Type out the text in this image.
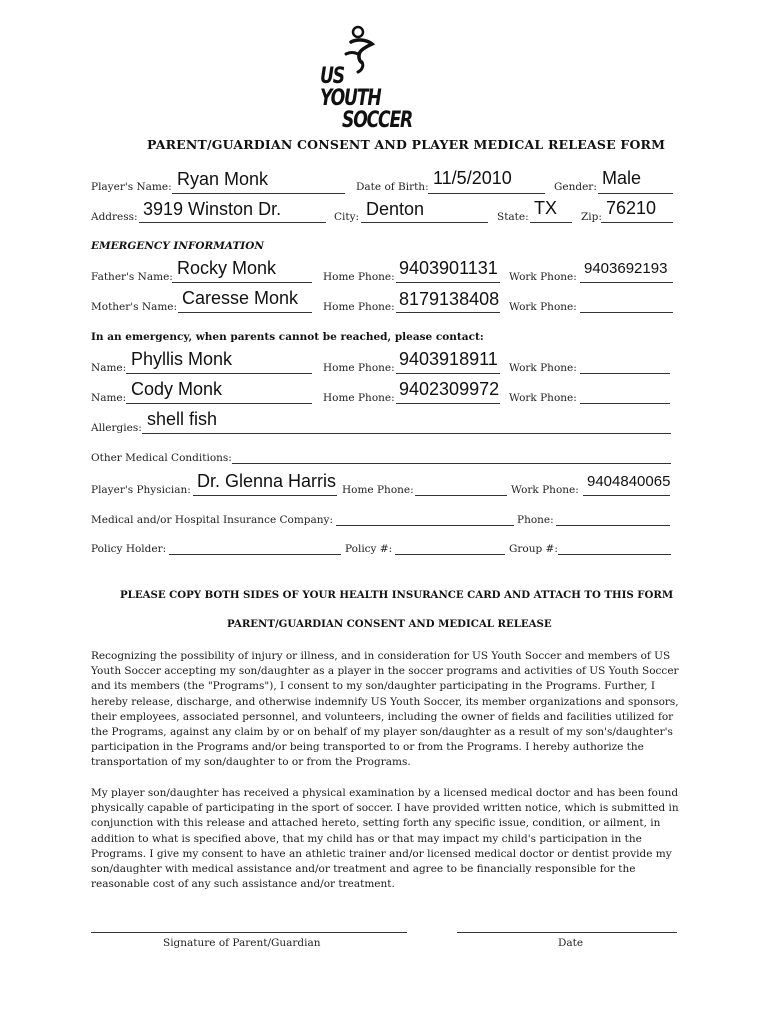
US YOUTH
SOCCER
PARENT/GUARDIAN CONSENT AND PLAYER MEDICAL RELEASE FORM
Player's Name: Ryan Monk	Date of Birth: 11/5/2010	Gender: Male
Address: 3919 Winston Dr.	City: Denton	State: TX Zip: 76210
EMERGENCY INFORMATION
Father's Name: Rocky Monk	Home Phone: 9403901131 Work Phone: 9403692193
Mother's Name: Caresse Monk Home Phone: 8179138408 Work Phone:
In an emergency, when parents cannot be reached, please contact:
Name: Phyllis Monk	Home Phone: 9403918911 Work Phone:
Name: Cody Monk	Home Phone: 9402309972 Work Phone:
Allergies: shell fish
Other Medical Conditions:
Player's Physician: Dr. Glenna Harris Home Phone:	Work Phone: 9404840065
Medical and/or Hospital Insurance Company:	Phone:
Policy Holder:	Policy #:	Group #:
PLEASE COPY BOTH SIDES OF YOUR HEALTH INSURANCE CARD AND ATTACH TO THIS FORM
PARENT/GUARDIAN CONSENT AND MEDICAL RELEASE
Recognizing the possibility of injury or illness, and in consideration for US Youth Soccer and members of US Youth Soccer accepting my son/daughter as a player in the soccer programs and activities of US Youth Soccer and its members (the "Programs"), I consent to my son/daughter participating in the Programs. Further, I hereby release, discharge, and otherwise indemnify US Youth Soccer, its member organizations and sponsors, their employees, associated personnel, and volunteers, including the owner of fields and facilities utilized for the Programs, against any claim by or on behalf of my player son/daughter as a result of my son's/daughter's participation in the Programs and/or being transported to or from the Programs. I hereby authorize the transportation of my son/daughter to or from the Programs.
My player son/daughter has received a physical examination by a licensed medical doctor and has been found physically capable of participating in the sport of soccer. I have provided written notice, which is submitted in conjunction with this release and attached hereto, setting forth any specific issue, condition, or ailment, in addition to what is specified above, that my child has or that may impact my child's participation in the Programs. I give my consent to have an athletic trainer and/or licensed medical doctor or dentist provide my son/daughter with medical assistance and/or treatment and agree to be financially responsible for the reasonable cost of any such assistance and/or treatment.
Signature of Parent/Guardian	Date
